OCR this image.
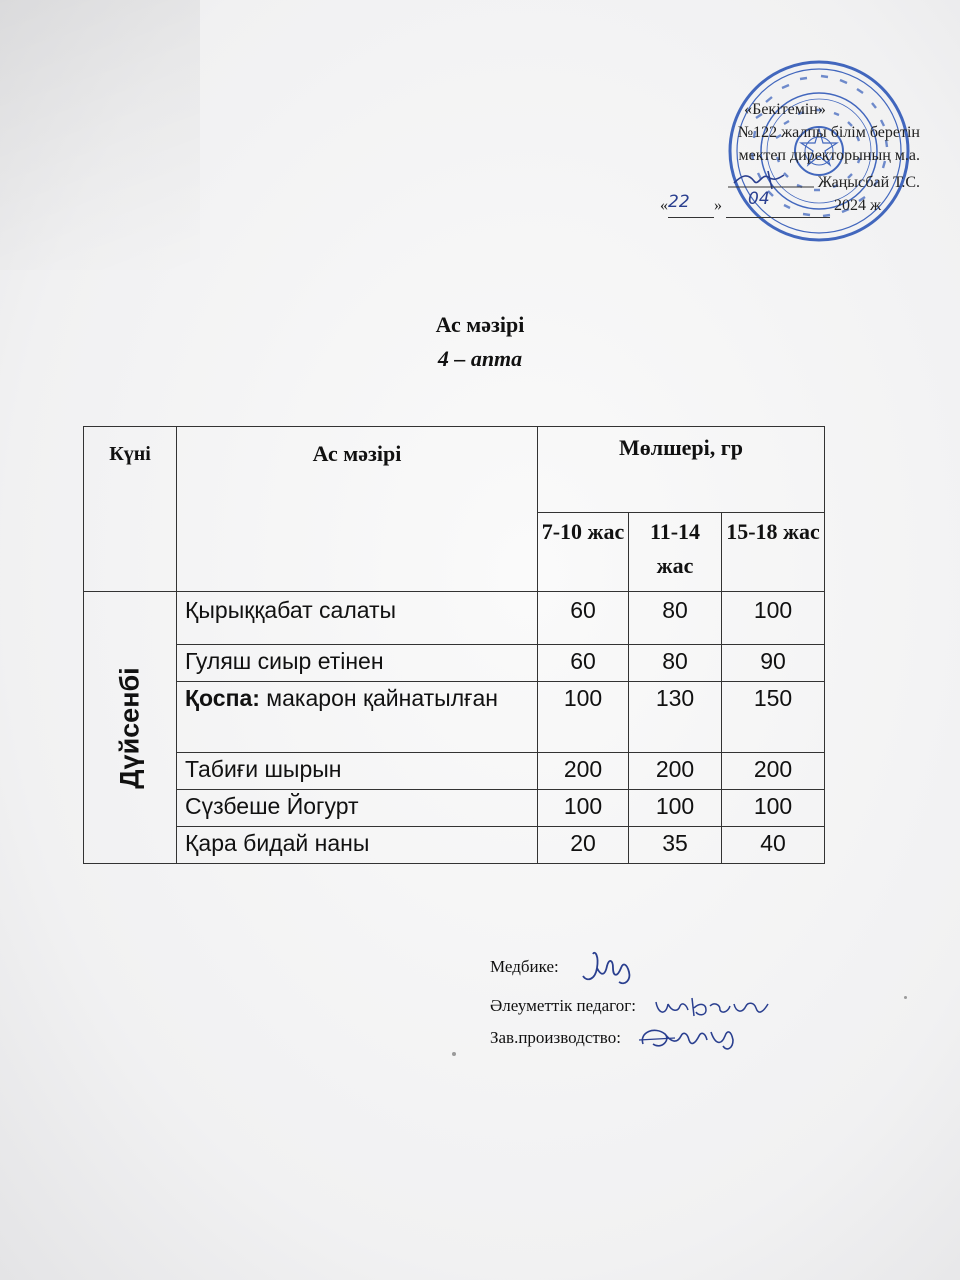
«Бекітемін»
№122 жалпы білім беретін
мектеп директорының м.а.
Жаңысбай Т.С.
«22 » 04	2024 ж
Ас мәзірі
4 – апта
Күні	Ас мәзірі	Мөлшері, гр		
		7-10 жас	11-14 жас	15-18 жас

Дүйсенбі	Қырыққабат салаты	60	80	100
	Гуляш сиыр етінен	60	80	90
	Қоспа: макарон қайнатылған	100	130	150
	Табиғи шырын	200	200	200
	Сүзбеше Йогурт	100	100	100
	Қара бидай наны	20	35	40
Медбике:
Әлеуметтік педагог:
Зав.производство:
